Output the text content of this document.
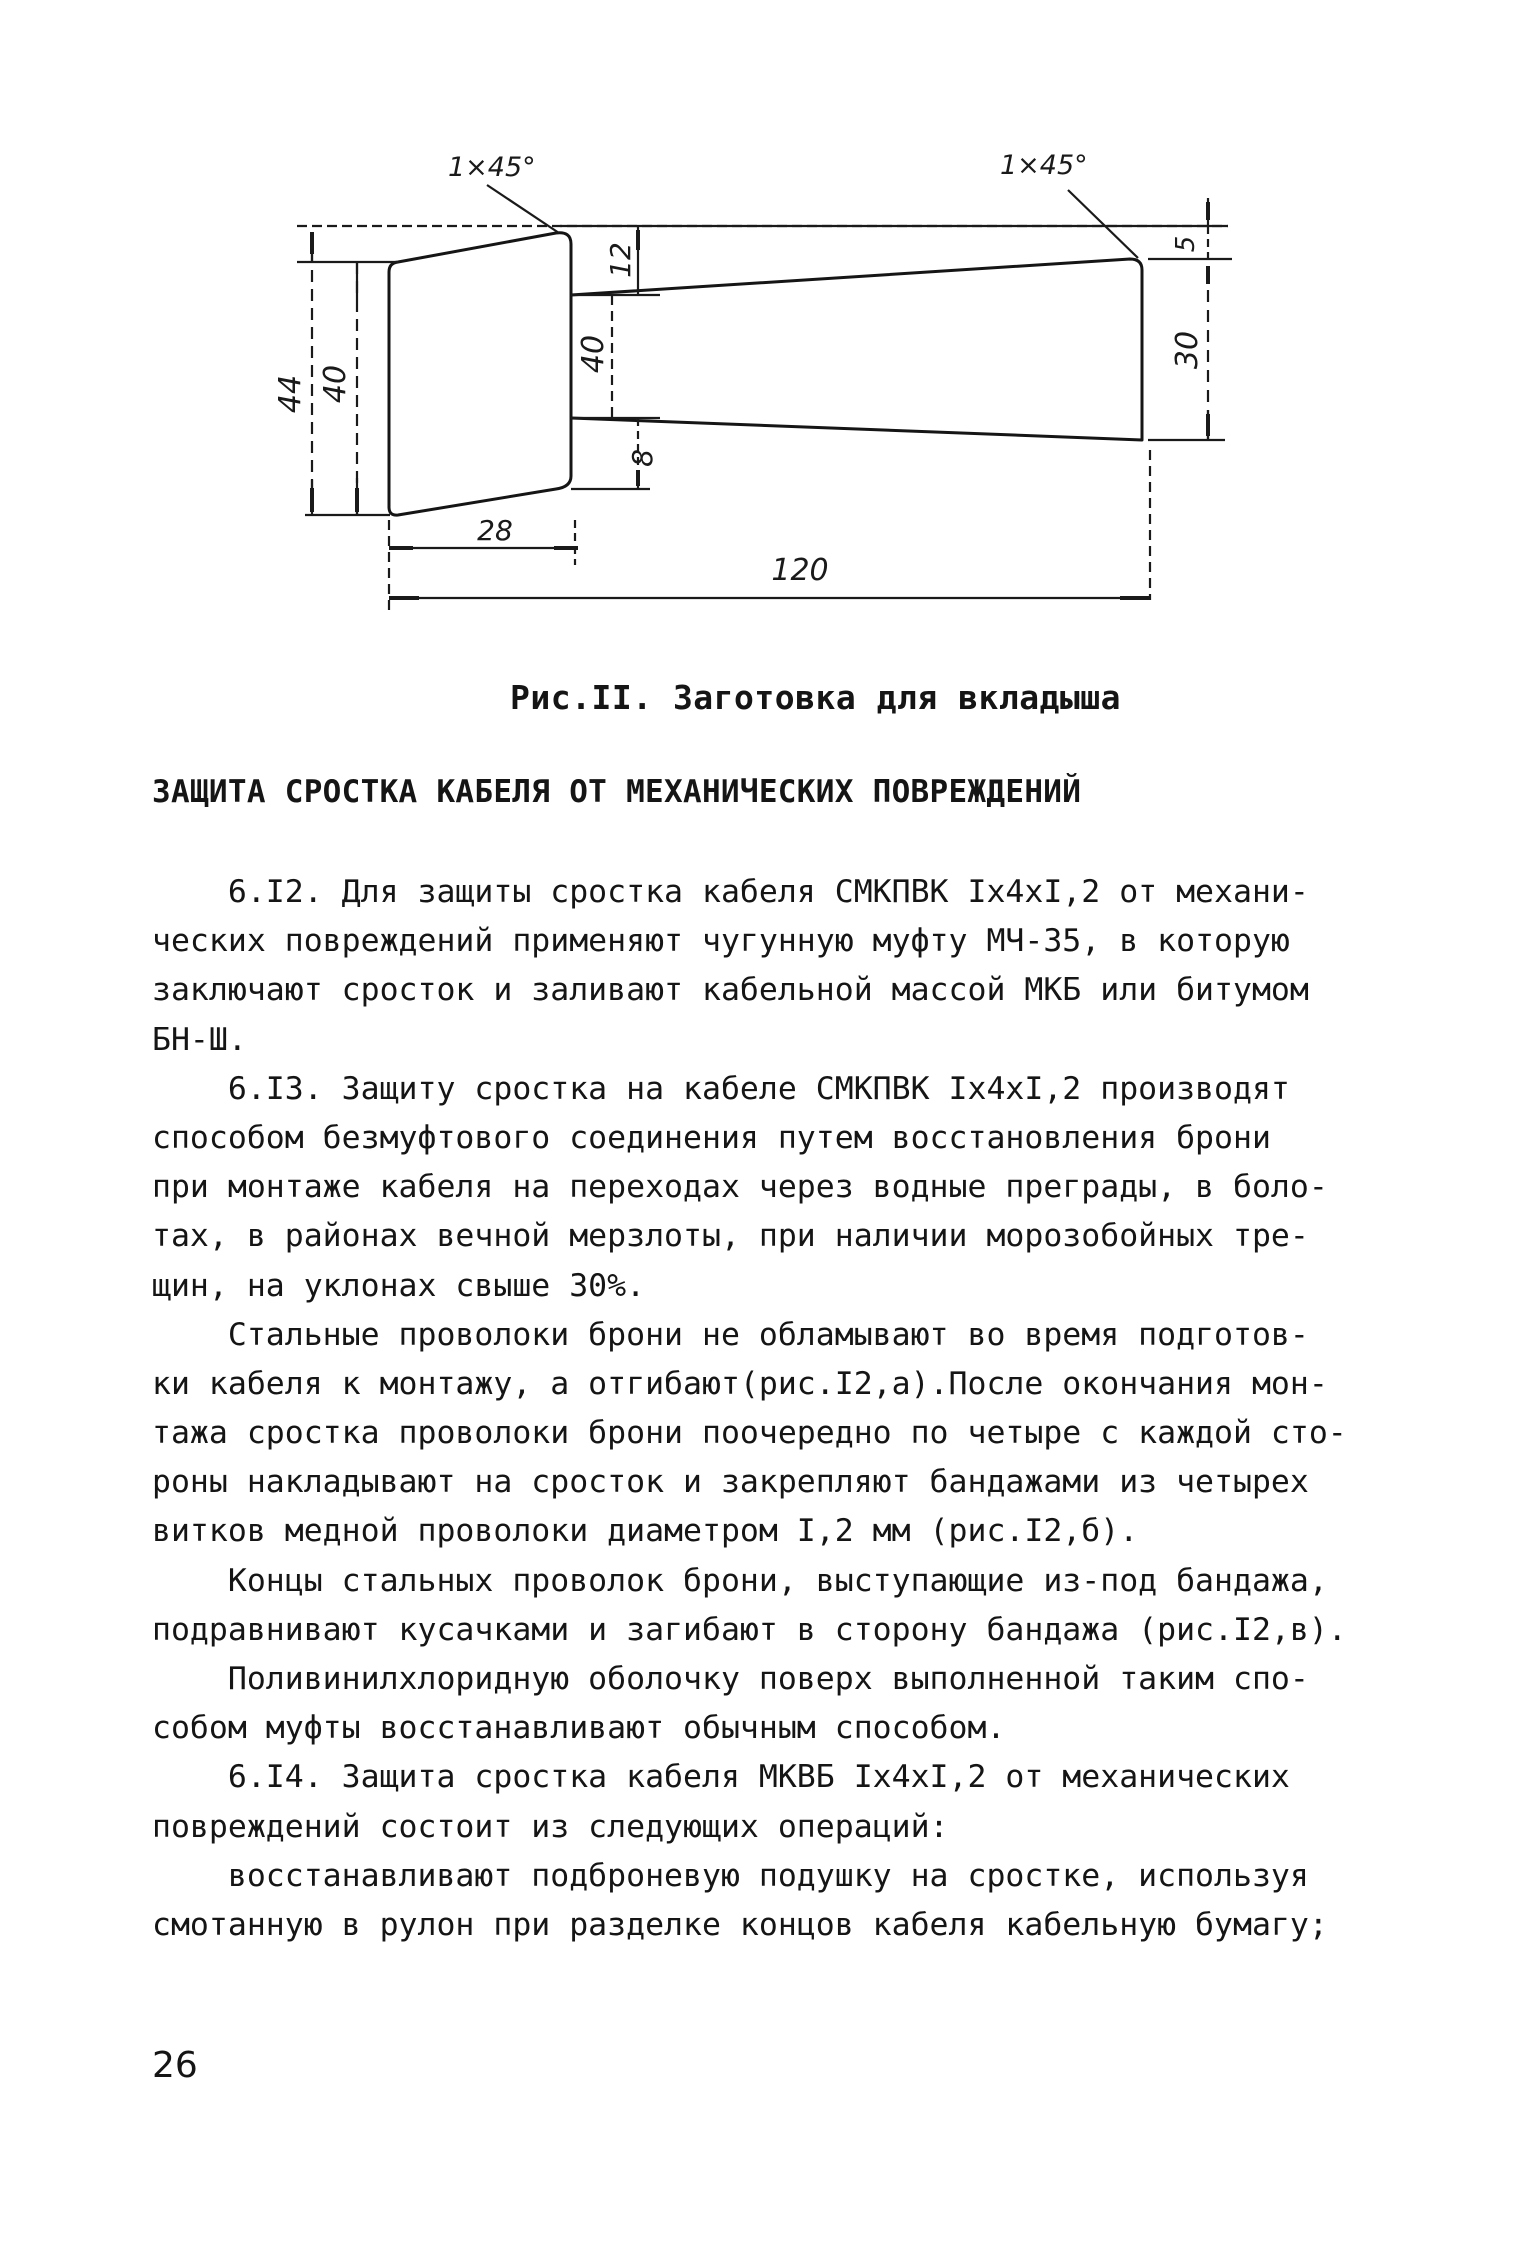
1×45°	1×45°
44 40
12
40
8
5
30
28
120
Рис.II. Заготовка для вкладыша
ЗАЩИТА СРОСТКА КАБЕЛЯ ОТ МЕХАНИЧЕСКИХ ПОВРЕЖДЕНИЙ
6.I2. Для защиты сростка кабеля СМКПВК Iх4хI,2 от механи-
ческих повреждений применяют чугунную муфту МЧ-35, в которую
заключают сросток и заливают кабельной массой МКБ или битумом
БН-Ш.
6.I3. Защиту сростка на кабеле СМКПВК Iх4хI,2 производят
способом безмуфтового соединения путем восстановления брони
при монтаже кабеля на переходах через водные преграды, в боло-
тах, в районах вечной мерзлоты, при наличии морозобойных тре-
щин, на уклонах свыше 30%.
Стальные проволоки брони не обламывают во время подготов-
ки кабеля к монтажу, а отгибают(рис.I2,а).После окончания мон-
тажа сростка проволоки брони поочередно по четыре с каждой сто-
роны накладывают на сросток и закрепляют бандажами из четырех
витков медной проволоки диаметром I,2 мм (рис.I2,б).
Концы стальных проволок брони, выступающие из-под бандажа,
подравнивают кусачками и загибают в сторону бандажа (рис.I2,в).
Поливинилхлоридную оболочку поверх выполненной таким спо-
собом муфты восстанавливают обычным способом.
6.I4. Защита сростка кабеля МКВБ Iх4хI,2 от механических
повреждений состоит из следующих операций:
восстанавливают подброневую подушку на сростке, используя
смотанную в рулон при разделке концов кабеля кабельную бумагу;
26
